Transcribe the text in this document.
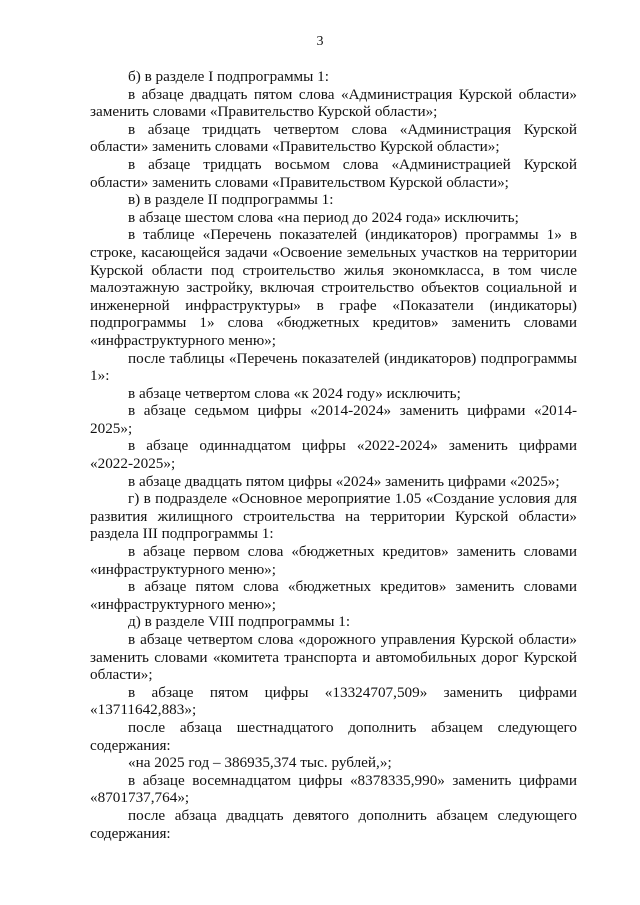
3

б) в разделе I подпрограммы 1:

в абзаце двадцать пятом слова «Администрация Курской области» заменить словами «Правительство Курской области»;

в абзаце тридцать четвертом слова «Администрация Курской области» заменить словами «Правительство Курской области»;

в абзаце тридцать восьмом слова «Администрацией Курской области» заменить словами «Правительством Курской области»;

в) в разделе II подпрограммы 1:

в абзаце шестом слова «на период до 2024 года» исключить;

в таблице «Перечень показателей (индикаторов) программы 1» в строке, касающейся задачи «Освоение земельных участков на территории Курской области под строительство жилья экономкласса, в том числе малоэтажную застройку, включая строительство объектов социальной и инженерной инфраструктуры» в графе «Показатели (индикаторы) подпрограммы 1» слова «бюджетных кредитов» заменить словами «инфраструктурного меню»;

после таблицы «Перечень показателей (индикаторов) подпрограммы 1»:

в абзаце четвертом слова «к 2024 году» исключить;

в абзаце седьмом цифры «2014-2024» заменить цифрами «2014-2025»;

в абзаце одиннадцатом цифры «2022-2024» заменить цифрами «2022-2025»;

в абзаце двадцать пятом цифры «2024» заменить цифрами «2025»;

г) в подразделе «Основное мероприятие 1.05 «Создание условия для развития жилищного строительства на территории Курской области» раздела III подпрограммы 1:

в абзаце первом слова «бюджетных кредитов» заменить словами «инфраструктурного меню»;

в абзаце пятом слова «бюджетных кредитов» заменить словами «инфраструктурного меню»;

д) в разделе VIII подпрограммы 1:

в абзаце четвертом слова «дорожного управления Курской области» заменить словами «комитета транспорта и автомобильных дорог Курской области»;

в абзаце пятом цифры «13324707,509» заменить цифрами «13711642,883»;

после абзаца шестнадцатого дополнить абзацем следующего содержания:

«на 2025 год – 386935,374 тыс. рублей,»;

в абзаце восемнадцатом цифры «8378335,990» заменить цифрами «8701737,764»;

после абзаца двадцать девятого дополнить абзацем следующего содержания:
